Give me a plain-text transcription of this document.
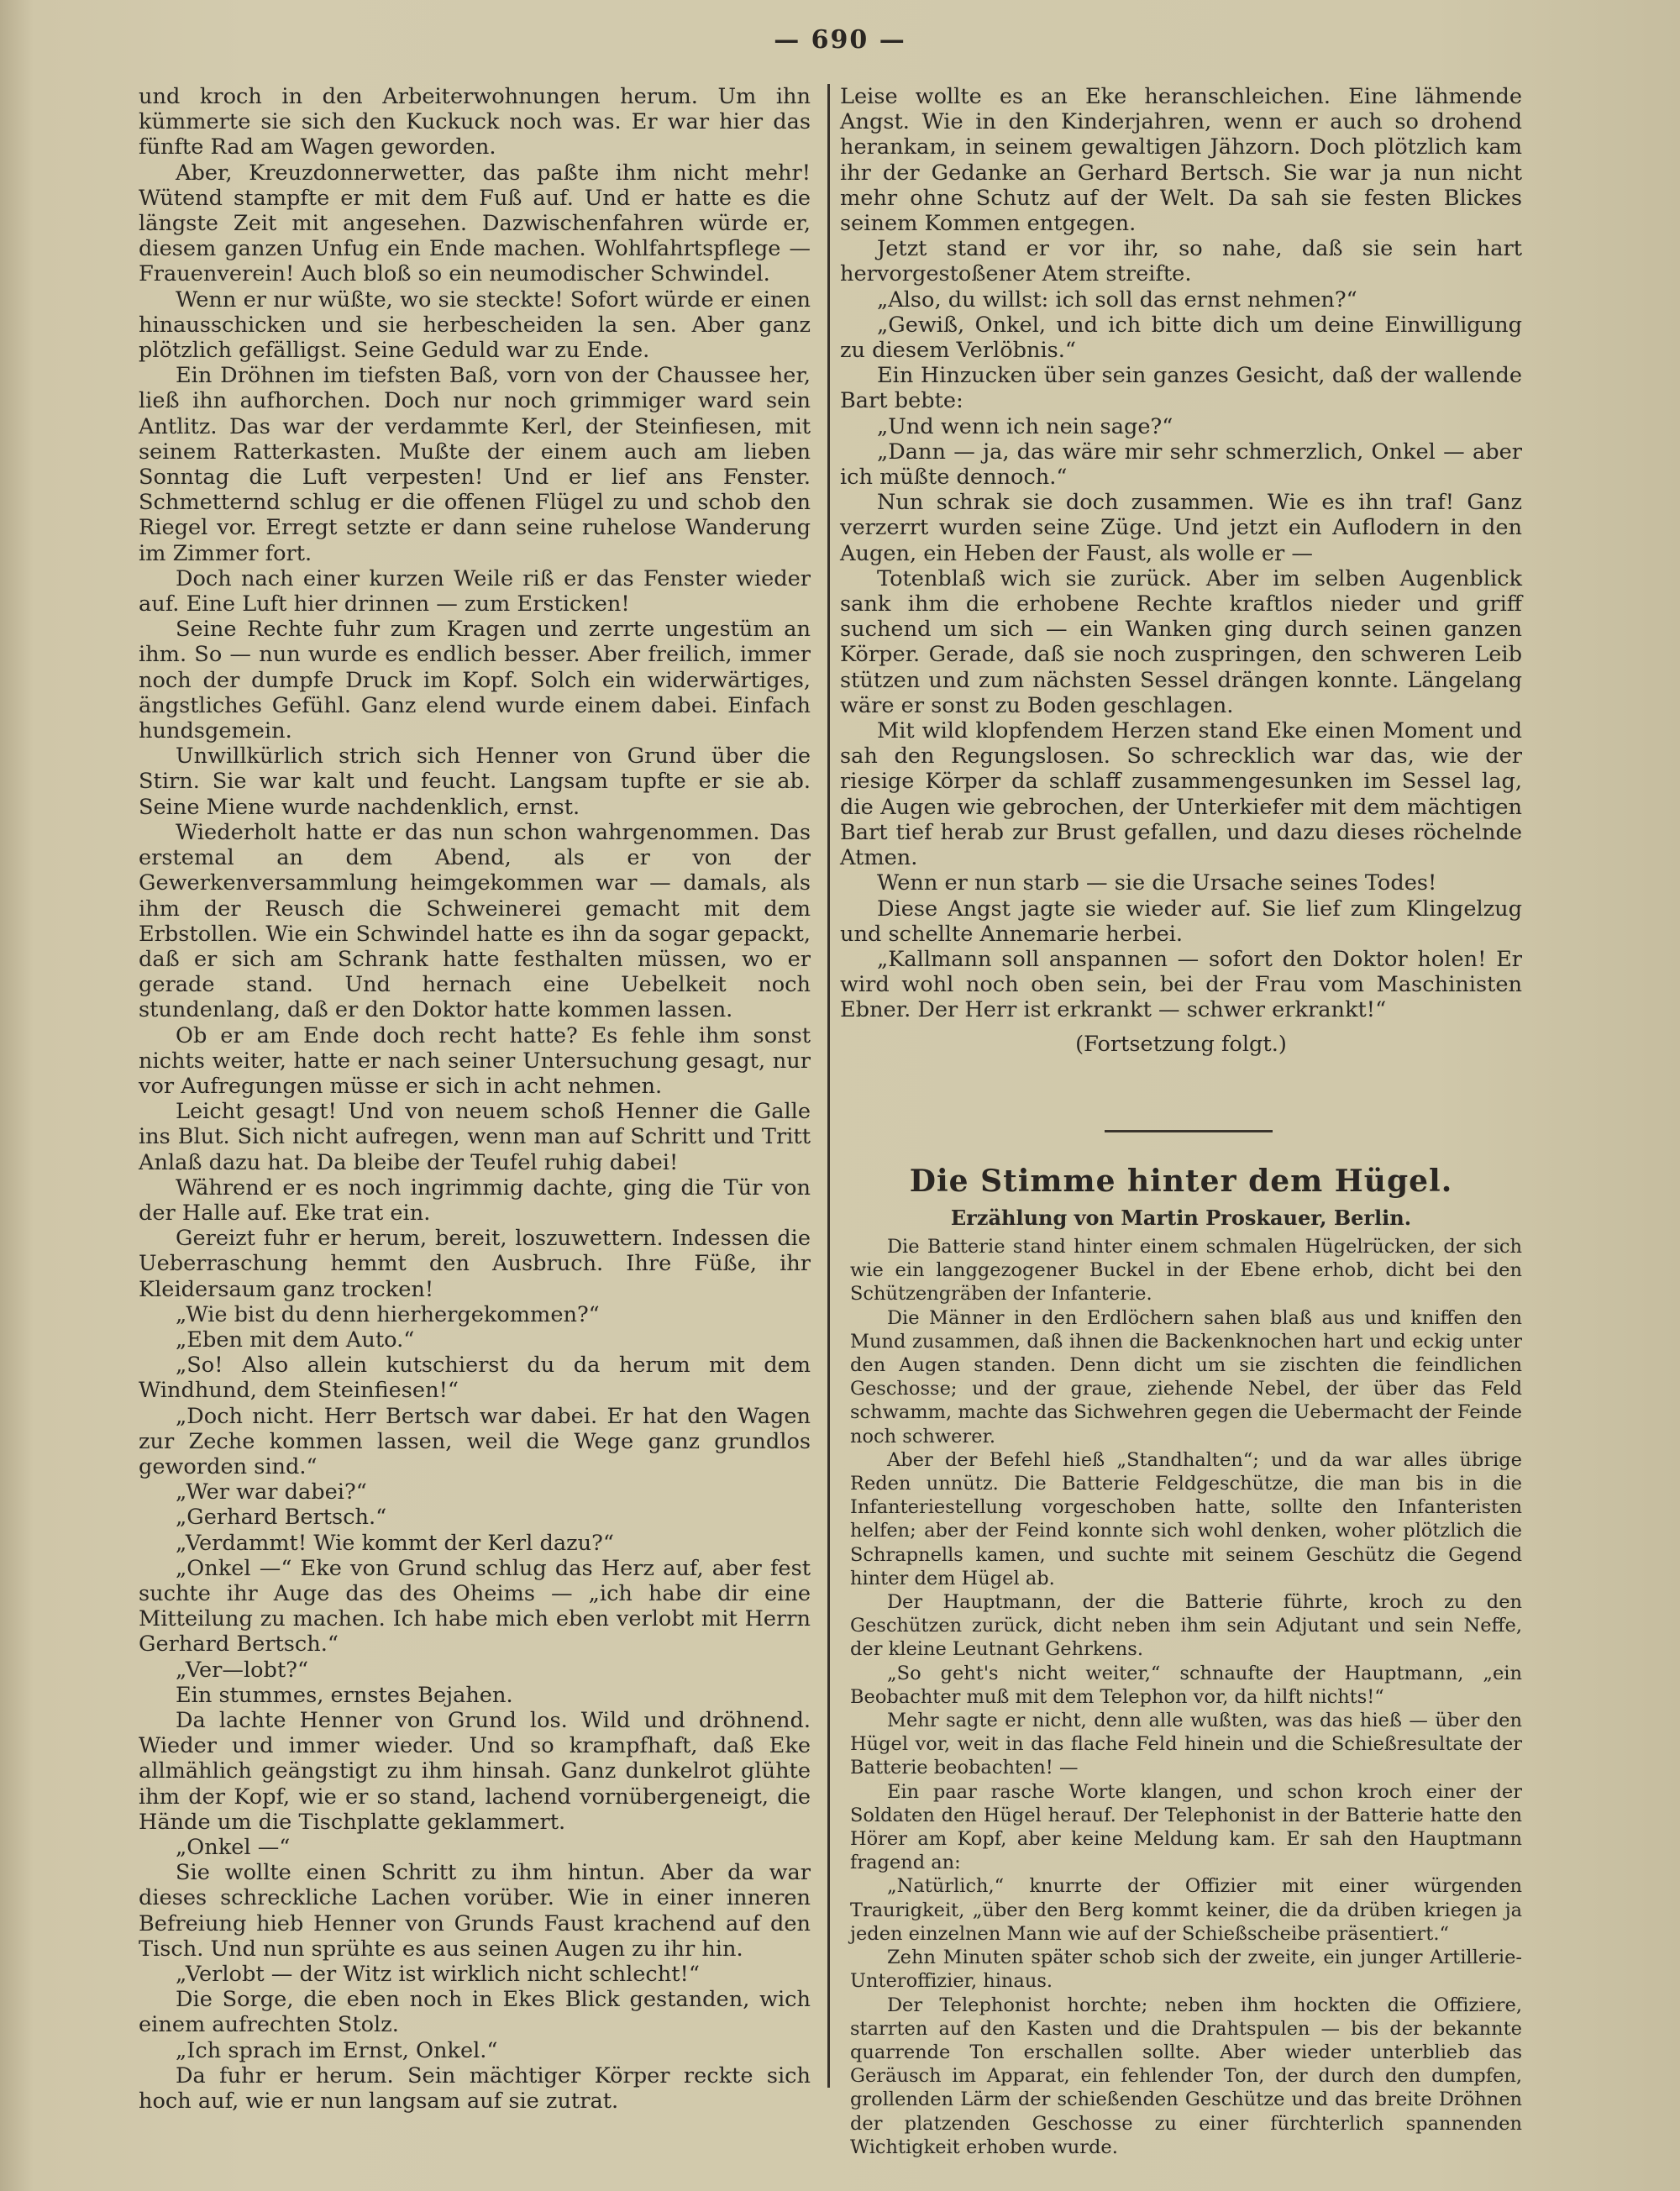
— 690 —

und kroch in den Arbeiterwohnungen herum. Um ihn kümmerte sie sich den Kuckuck noch was. Er war hier das fünfte Rad am Wagen geworden.

Aber, Kreuzdonnerwetter, das paßte ihm nicht mehr! Wütend stampfte er mit dem Fuß auf. Und er hatte es die längste Zeit mit angesehen. Dazwischenfahren würde er, diesem ganzen Unfug ein Ende machen. Wohlfahrtspflege — Frauenverein! Auch bloß so ein neumodischer Schwindel.

Wenn er nur wüßte, wo sie steckte! Sofort würde er einen hinausschicken und sie herbescheiden la sen. Aber ganz plötzlich gefälligst. Seine Geduld war zu Ende.

Ein Dröhnen im tiefsten Baß, vorn von der Chaussee her, ließ ihn aufhorchen. Doch nur noch grimmiger ward sein Antlitz. Das war der verdammte Kerl, der Steinfiesen, mit seinem Ratterkasten. Mußte der einem auch am lieben Sonntag die Luft verpesten! Und er lief ans Fenster. Schmetternd schlug er die offenen Flügel zu und schob den Riegel vor. Erregt setzte er dann seine ruhelose Wanderung im Zimmer fort.

Doch nach einer kurzen Weile riß er das Fenster wieder auf. Eine Luft hier drinnen — zum Ersticken!

Seine Rechte fuhr zum Kragen und zerrte ungestüm an ihm. So — nun wurde es endlich besser. Aber freilich, immer noch der dumpfe Druck im Kopf. Solch ein widerwärtiges, ängstliches Gefühl. Ganz elend wurde einem dabei. Einfach hundsgemein.

Unwillkürlich strich sich Henner von Grund über die Stirn. Sie war kalt und feucht. Langsam tupfte er sie ab. Seine Miene wurde nachdenklich, ernst.

Wiederholt hatte er das nun schon wahrgenommen. Das erstemal an dem Abend, als er von der Gewerkenversammlung heimgekommen war — damals, als ihm der Reusch die Schweinerei gemacht mit dem Erbstollen. Wie ein Schwindel hatte es ihn da sogar gepackt, daß er sich am Schrank hatte festhalten müssen, wo er gerade stand. Und hernach eine Uebelkeit noch stundenlang, daß er den Doktor hatte kommen lassen.

Ob er am Ende doch recht hatte? Es fehle ihm sonst nichts weiter, hatte er nach seiner Untersuchung gesagt, nur vor Aufregungen müsse er sich in acht nehmen.

Leicht gesagt! Und von neuem schoß Henner die Galle ins Blut. Sich nicht aufregen, wenn man auf Schritt und Tritt Anlaß dazu hat. Da bleibe der Teufel ruhig dabei!

Während er es noch ingrimmig dachte, ging die Tür von der Halle auf. Eke trat ein.

Gereizt fuhr er herum, bereit, loszuwettern. Indessen die Ueberraschung hemmt den Ausbruch. Ihre Füße, ihr Kleidersaum ganz trocken!

„Wie bist du denn hierhergekommen?“

„Eben mit dem Auto.“

„So! Also allein kutschierst du da herum mit dem Windhund, dem Steinfiesen!“

„Doch nicht. Herr Bertsch war dabei. Er hat den Wagen zur Zeche kommen lassen, weil die Wege ganz grundlos geworden sind.“

„Wer war dabei?“

„Gerhard Bertsch.“

„Verdammt! Wie kommt der Kerl dazu?“

„Onkel —“ Eke von Grund schlug das Herz auf, aber fest suchte ihr Auge das des Oheims — „ich habe dir eine Mitteilung zu machen. Ich habe mich eben verlobt mit Herrn Gerhard Bertsch.“

„Ver—lobt?“

Ein stummes, ernstes Bejahen.

Da lachte Henner von Grund los. Wild und dröhnend. Wieder und immer wieder. Und so krampfhaft, daß Eke allmählich geängstigt zu ihm hinsah. Ganz dunkelrot glühte ihm der Kopf, wie er so stand, lachend vornübergeneigt, die Hände um die Tischplatte geklammert.

„Onkel —“

Sie wollte einen Schritt zu ihm hintun. Aber da war dieses schreckliche Lachen vorüber. Wie in einer inneren Befreiung hieb Henner von Grunds Faust krachend auf den Tisch. Und nun sprühte es aus seinen Augen zu ihr hin.

„Verlobt — der Witz ist wirklich nicht schlecht!“

Die Sorge, die eben noch in Ekes Blick gestanden, wich einem aufrechten Stolz.

„Ich sprach im Ernst, Onkel.“

Da fuhr er herum. Sein mächtiger Körper reckte sich hoch auf, wie er nun langsam auf sie zutrat.

Leise wollte es an Eke heranschleichen. Eine lähmende Angst. Wie in den Kinderjahren, wenn er auch so drohend herankam, in seinem gewaltigen Jähzorn. Doch plötzlich kam ihr der Gedanke an Gerhard Bertsch. Sie war ja nun nicht mehr ohne Schutz auf der Welt. Da sah sie festen Blickes seinem Kommen entgegen.

Jetzt stand er vor ihr, so nahe, daß sie sein hart hervorgestoßener Atem streifte.

„Also, du willst: ich soll das ernst nehmen?“

„Gewiß, Onkel, und ich bitte dich um deine Einwilligung zu diesem Verlöbnis.“

Ein Hinzucken über sein ganzes Gesicht, daß der wallende Bart bebte:

„Und wenn ich nein sage?“

„Dann — ja, das wäre mir sehr schmerzlich, Onkel — aber ich müßte dennoch.“

Nun schrak sie doch zusammen. Wie es ihn traf! Ganz verzerrt wurden seine Züge. Und jetzt ein Auflodern in den Augen, ein Heben der Faust, als wolle er —

Totenblaß wich sie zurück. Aber im selben Augenblick sank ihm die erhobene Rechte kraftlos nieder und griff suchend um sich — ein Wanken ging durch seinen ganzen Körper. Gerade, daß sie noch zuspringen, den schweren Leib stützen und zum nächsten Sessel drängen konnte. Längelang wäre er sonst zu Boden geschlagen.

Mit wild klopfendem Herzen stand Eke einen Moment und sah den Regungslosen. So schrecklich war das, wie der riesige Körper da schlaff zusammengesunken im Sessel lag, die Augen wie gebrochen, der Unterkiefer mit dem mächtigen Bart tief herab zur Brust gefallen, und dazu dieses röchelnde Atmen.

Wenn er nun starb — sie die Ursache seines Todes!

Diese Angst jagte sie wieder auf. Sie lief zum Klingelzug und schellte Annemarie herbei.

„Kallmann soll anspannen — sofort den Doktor holen! Er wird wohl noch oben sein, bei der Frau vom Maschinisten Ebner. Der Herr ist erkrankt — schwer erkrankt!“

(Fortsetzung folgt.)

Die Stimme hinter dem Hügel.
Erzählung von Martin Proskauer, Berlin.

Die Batterie stand hinter einem schmalen Hügelrücken, der sich wie ein langgezogener Buckel in der Ebene erhob, dicht bei den Schützengräben der Infanterie.

Die Männer in den Erdlöchern sahen blaß aus und kniffen den Mund zusammen, daß ihnen die Backenknochen hart und eckig unter den Augen standen. Denn dicht um sie zischten die feindlichen Geschosse; und der graue, ziehende Nebel, der über das Feld schwamm, machte das Sichwehren gegen die Uebermacht der Feinde noch schwerer.

Aber der Befehl hieß „Standhalten“; und da war alles übrige Reden unnütz. Die Batterie Feldgeschütze, die man bis in die Infanteriestellung vorgeschoben hatte, sollte den Infanteristen helfen; aber der Feind konnte sich wohl denken, woher plötzlich die Schrapnells kamen, und suchte mit seinem Geschütz die Gegend hinter dem Hügel ab.

Der Hauptmann, der die Batterie führte, kroch zu den Geschützen zurück, dicht neben ihm sein Adjutant und sein Neffe, der kleine Leutnant Gehrkens.

„So geht's nicht weiter,“ schnaufte der Hauptmann, „ein Beobachter muß mit dem Telephon vor, da hilft nichts!“

Mehr sagte er nicht, denn alle wußten, was das hieß — über den Hügel vor, weit in das flache Feld hinein und die Schießresultate der Batterie beobachten! —

Ein paar rasche Worte klangen, und schon kroch einer der Soldaten den Hügel herauf. Der Telephonist in der Batterie hatte den Hörer am Kopf, aber keine Meldung kam. Er sah den Hauptmann fragend an:

„Natürlich,“ knurrte der Offizier mit einer würgenden Traurigkeit, „über den Berg kommt keiner, die da drüben kriegen ja jeden einzelnen Mann wie auf der Schießscheibe präsentiert.“

Zehn Minuten später schob sich der zweite, ein junger Artillerie-Unteroffizier, hinaus.

Der Telephonist horchte; neben ihm hockten die Offiziere, starrten auf den Kasten und die Drahtspulen — bis der bekannte quarrende Ton erschallen sollte. Aber wieder unterblieb das Geräusch im Apparat, ein fehlender Ton, der durch den dumpfen, grollenden Lärm der schießenden Geschütze und das breite Dröhnen der platzenden Geschosse zu einer fürchterlich spannenden Wichtigkeit erhoben wurde.
